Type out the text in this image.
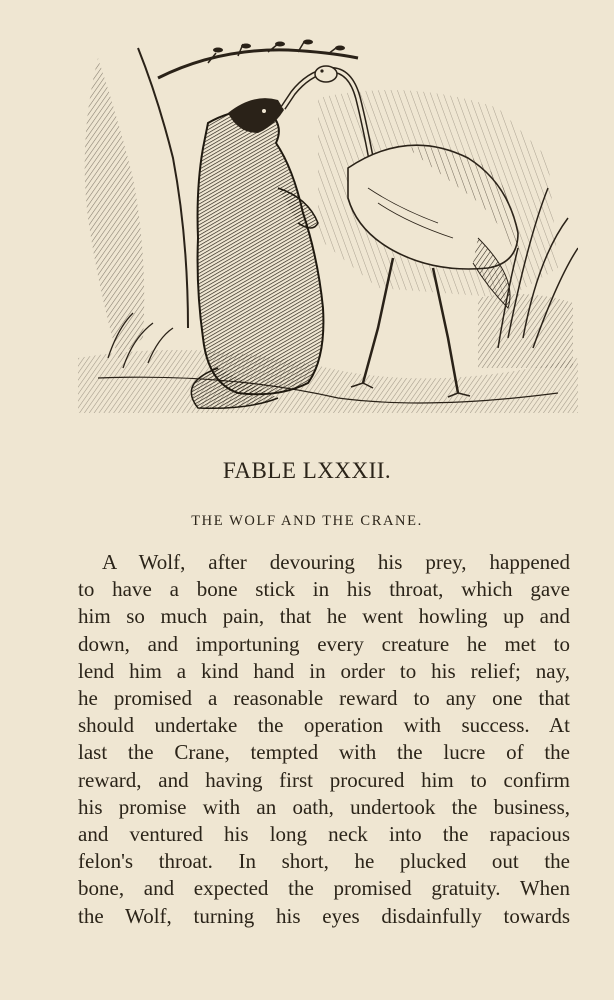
FABLE LXXXII.
THE WOLF AND THE CRANE.
A Wolf, after devouring his prey, happened
to have a bone stick in his throat, which gave
him so much pain, that he went howling up and
down, and importuning every creature he met to
lend him a kind hand in order to his relief; nay,
he promised a reasonable reward to any one that
should undertake the operation with success. At
last the Crane, tempted with the lucre of the
reward, and having first procured him to confirm
his promise with an oath, undertook the business,
and ventured his long neck into the rapacious
felon's throat. In short, he plucked out the
bone, and expected the promised gratuity. When
the Wolf, turning his eyes disdainfully towards
